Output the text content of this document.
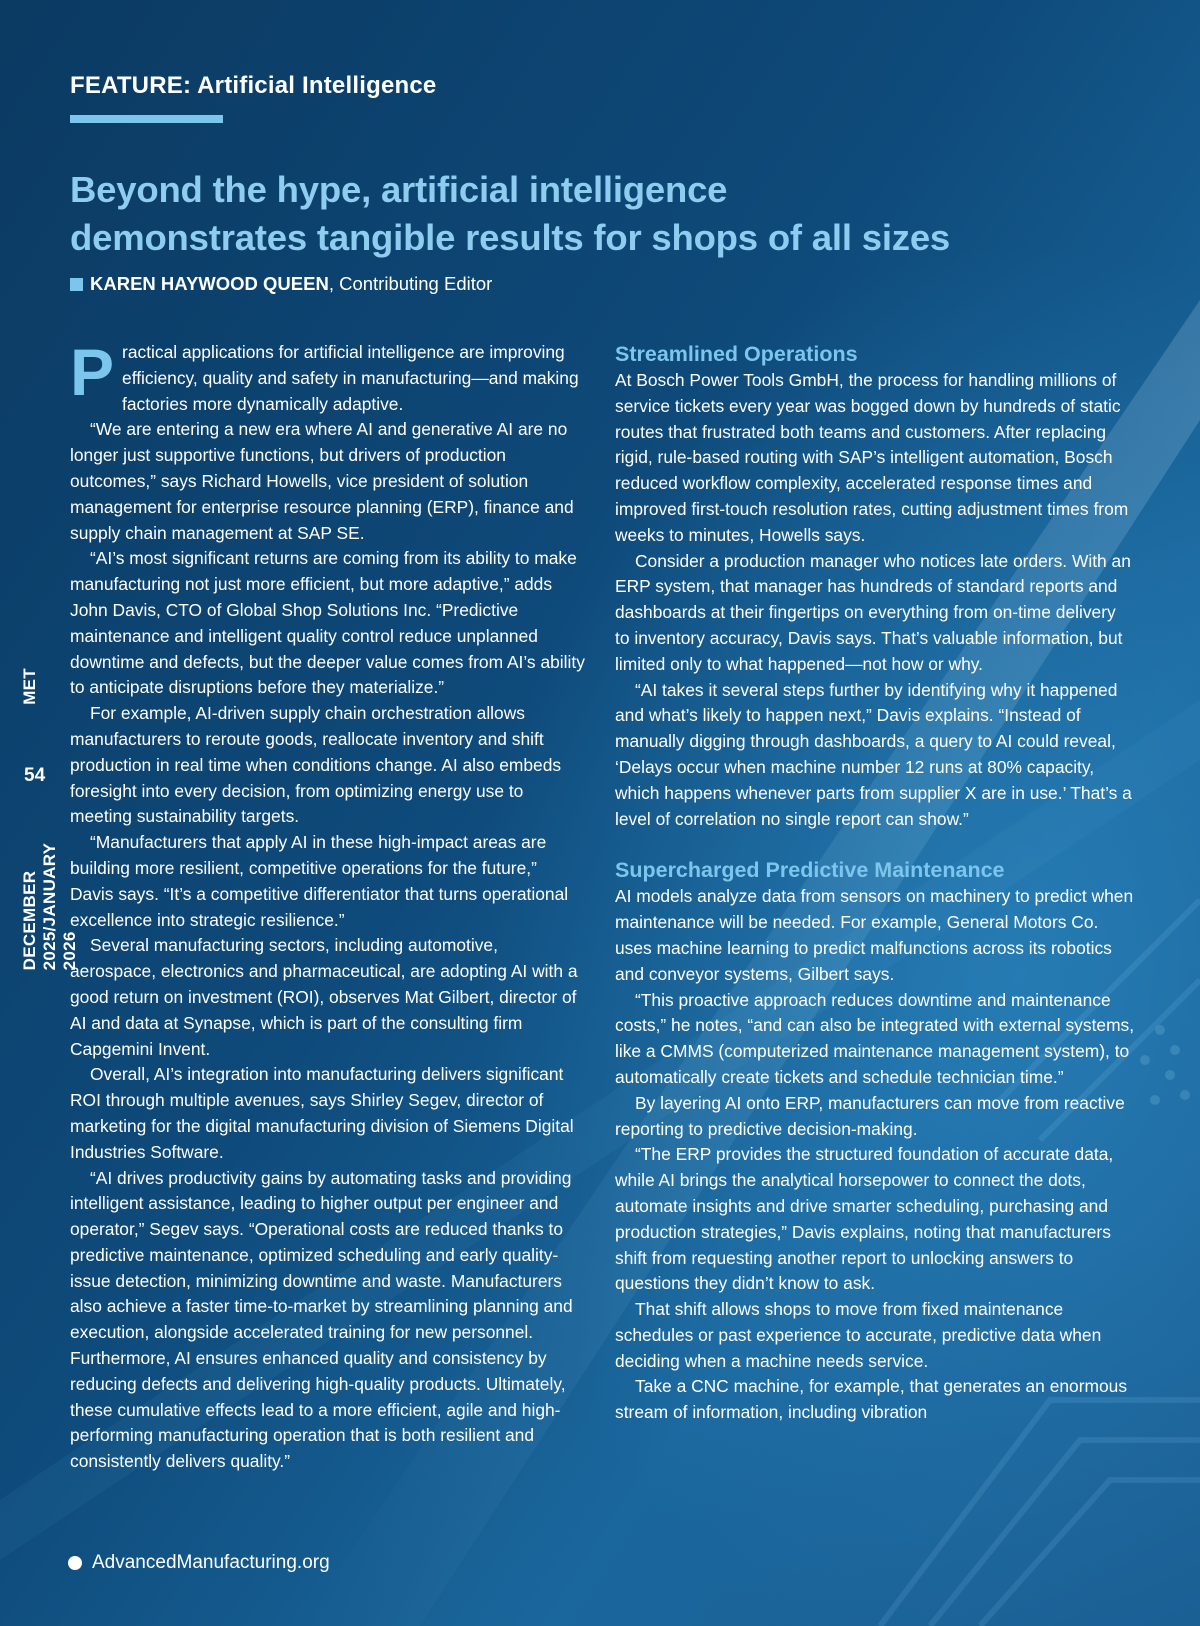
FEATURE: Artificial Intelligence
Beyond the hype, artificial intelligence
demonstrates tangible results for shops of all sizes
KAREN HAYWOOD QUEEN , Contributing Editor
MET
54
DECEMBER 2025/JANUARY 2026

Practical applications for artificial intelligence are improving efficiency, quality and safety in manufacturing—and making factories more dynamically adaptive.

“We are entering a new era where AI and generative AI are no longer just supportive functions, but drivers of production outcomes,” says Richard Howells, vice president of solution management for enterprise resource planning (ERP), finance and supply chain management at SAP SE.

“AI’s most significant returns are coming from its ability to make manufacturing not just more efficient, but more adaptive,” adds John Davis, CTO of Global Shop Solutions Inc. “Predictive maintenance and intelligent quality control reduce unplanned downtime and defects, but the deeper value comes from AI’s ability to anticipate disruptions before they materialize.”

For example, AI-driven supply chain orchestration allows manufacturers to reroute goods, reallocate inventory and shift production in real time when conditions change. AI also embeds foresight into every decision, from optimizing energy use to meeting sustainability targets.

“Manufacturers that apply AI in these high-impact areas are building more resilient, competitive operations for the future,” Davis says. “It’s a competitive differentiator that turns operational excellence into strategic resilience.”

Several manufacturing sectors, including automotive, aerospace, electronics and pharmaceutical, are adopting AI with a good return on investment (ROI), observes Mat Gilbert, director of AI and data at Synapse, which is part of the consulting firm Capgemini Invent.

Overall, AI’s integration into manufacturing delivers significant ROI through multiple avenues, says Shirley Segev, director of marketing for the digital manufacturing division of Siemens Digital Industries Software.

“AI drives productivity gains by automating tasks and providing intelligent assistance, leading to higher output per engineer and operator,” Segev says. “Operational costs are reduced thanks to predictive maintenance, optimized scheduling and early quality-issue detection, minimizing downtime and waste. Manufacturers also achieve a faster time-to-market by streamlining planning and execution, alongside accelerated training for new personnel. Furthermore, AI ensures enhanced quality and consistency by reducing defects and delivering high-quality products. Ultimately, these cumulative effects lead to a more efficient, agile and high-performing manufacturing operation that is both resilient and consistently delivers quality.”

Streamlined Operations

At Bosch Power Tools GmbH, the process for handling millions of service tickets every year was bogged down by hundreds of static routes that frustrated both teams and customers. After replacing rigid, rule-based routing with SAP’s intelligent automation, Bosch reduced workflow complexity, accelerated response times and improved first-touch resolution rates, cutting adjustment times from weeks to minutes, Howells says.

Consider a production manager who notices late orders. With an ERP system, that manager has hundreds of standard reports and dashboards at their fingertips on everything from on-time delivery to inventory accuracy, Davis says. That’s valuable information, but limited only to what happened—not how or why.

“AI takes it several steps further by identifying why it happened and what’s likely to happen next,” Davis explains. “Instead of manually digging through dashboards, a query to AI could reveal, ‘Delays occur when machine number 12 runs at 80% capacity, which happens whenever parts from supplier X are in use.’ That’s a level of correlation no single report can show.”

Supercharged Predictive Maintenance

AI models analyze data from sensors on machinery to predict when maintenance will be needed. For example, General Motors Co. uses machine learning to predict malfunctions across its robotics and conveyor systems, Gilbert says.

“This proactive approach reduces downtime and maintenance costs,” he notes, “and can also be integrated with external systems, like a CMMS (computerized maintenance management system), to automatically create tickets and schedule technician time.”

By layering AI onto ERP, manufacturers can move from reactive reporting to predictive decision-making.

“The ERP provides the structured foundation of accurate data, while AI brings the analytical horsepower to connect the dots, automate insights and drive smarter scheduling, purchasing and production strategies,” Davis explains, noting that manufacturers shift from requesting another report to unlocking answers to questions they didn’t know to ask.

That shift allows shops to move from fixed maintenance schedules or past experience to accurate, predictive data when deciding when a machine needs service.

Take a CNC machine, for example, that generates an enormous stream of information, including vibration

AdvancedManufacturing.org
